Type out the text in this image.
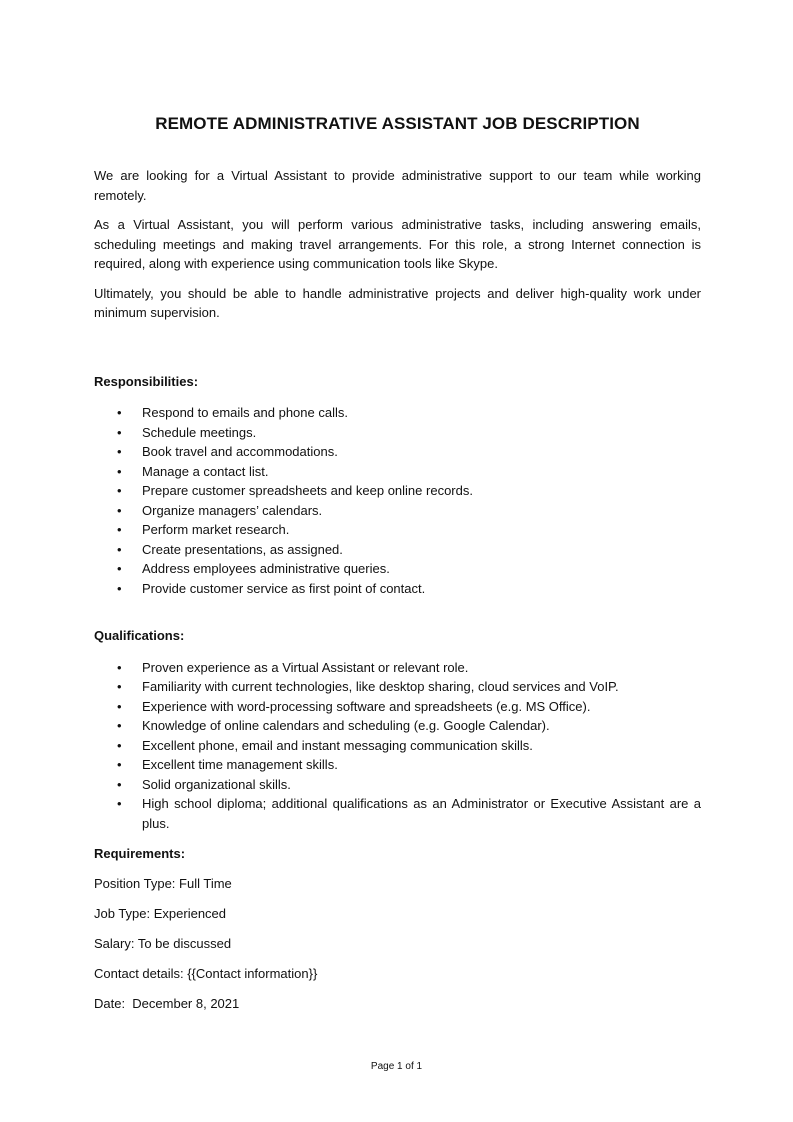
REMOTE ADMINISTRATIVE ASSISTANT JOB DESCRIPTION

We are looking for a Virtual Assistant to provide administrative support to our team while working remotely.

As a Virtual Assistant, you will perform various administrative tasks, including answering emails, scheduling meetings and making travel arrangements. For this role, a strong Internet connection is required, along with experience using communication tools like Skype.

Ultimately, you should be able to handle administrative projects and deliver high-quality work under minimum supervision.

Responsibilities:
• Respond to emails and phone calls.
• Schedule meetings.
• Book travel and accommodations.
• Manage a contact list.
• Prepare customer spreadsheets and keep online records.
• Organize managers’ calendars.
• Perform market research.
• Create presentations, as assigned.
• Address employees administrative queries.
• Provide customer service as first point of contact.
Qualifications:
• Proven experience as a Virtual Assistant or relevant role.
• Familiarity with current technologies, like desktop sharing, cloud services and VoIP.
• Experience with word-processing software and spreadsheets (e.g. MS Office).
• Knowledge of online calendars and scheduling (e.g. Google Calendar).
• Excellent phone, email and instant messaging communication skills.
• Excellent time management skills.
• Solid organizational skills.
• High school diploma; additional qualifications as an Administrator or Executive Assistant are a plus.
Requirements:
Position Type: Full Time
Job Type: Experienced
Salary: To be discussed
Contact details: {{Contact information}}
Date:  December 8, 2021
Page 1 of 1
